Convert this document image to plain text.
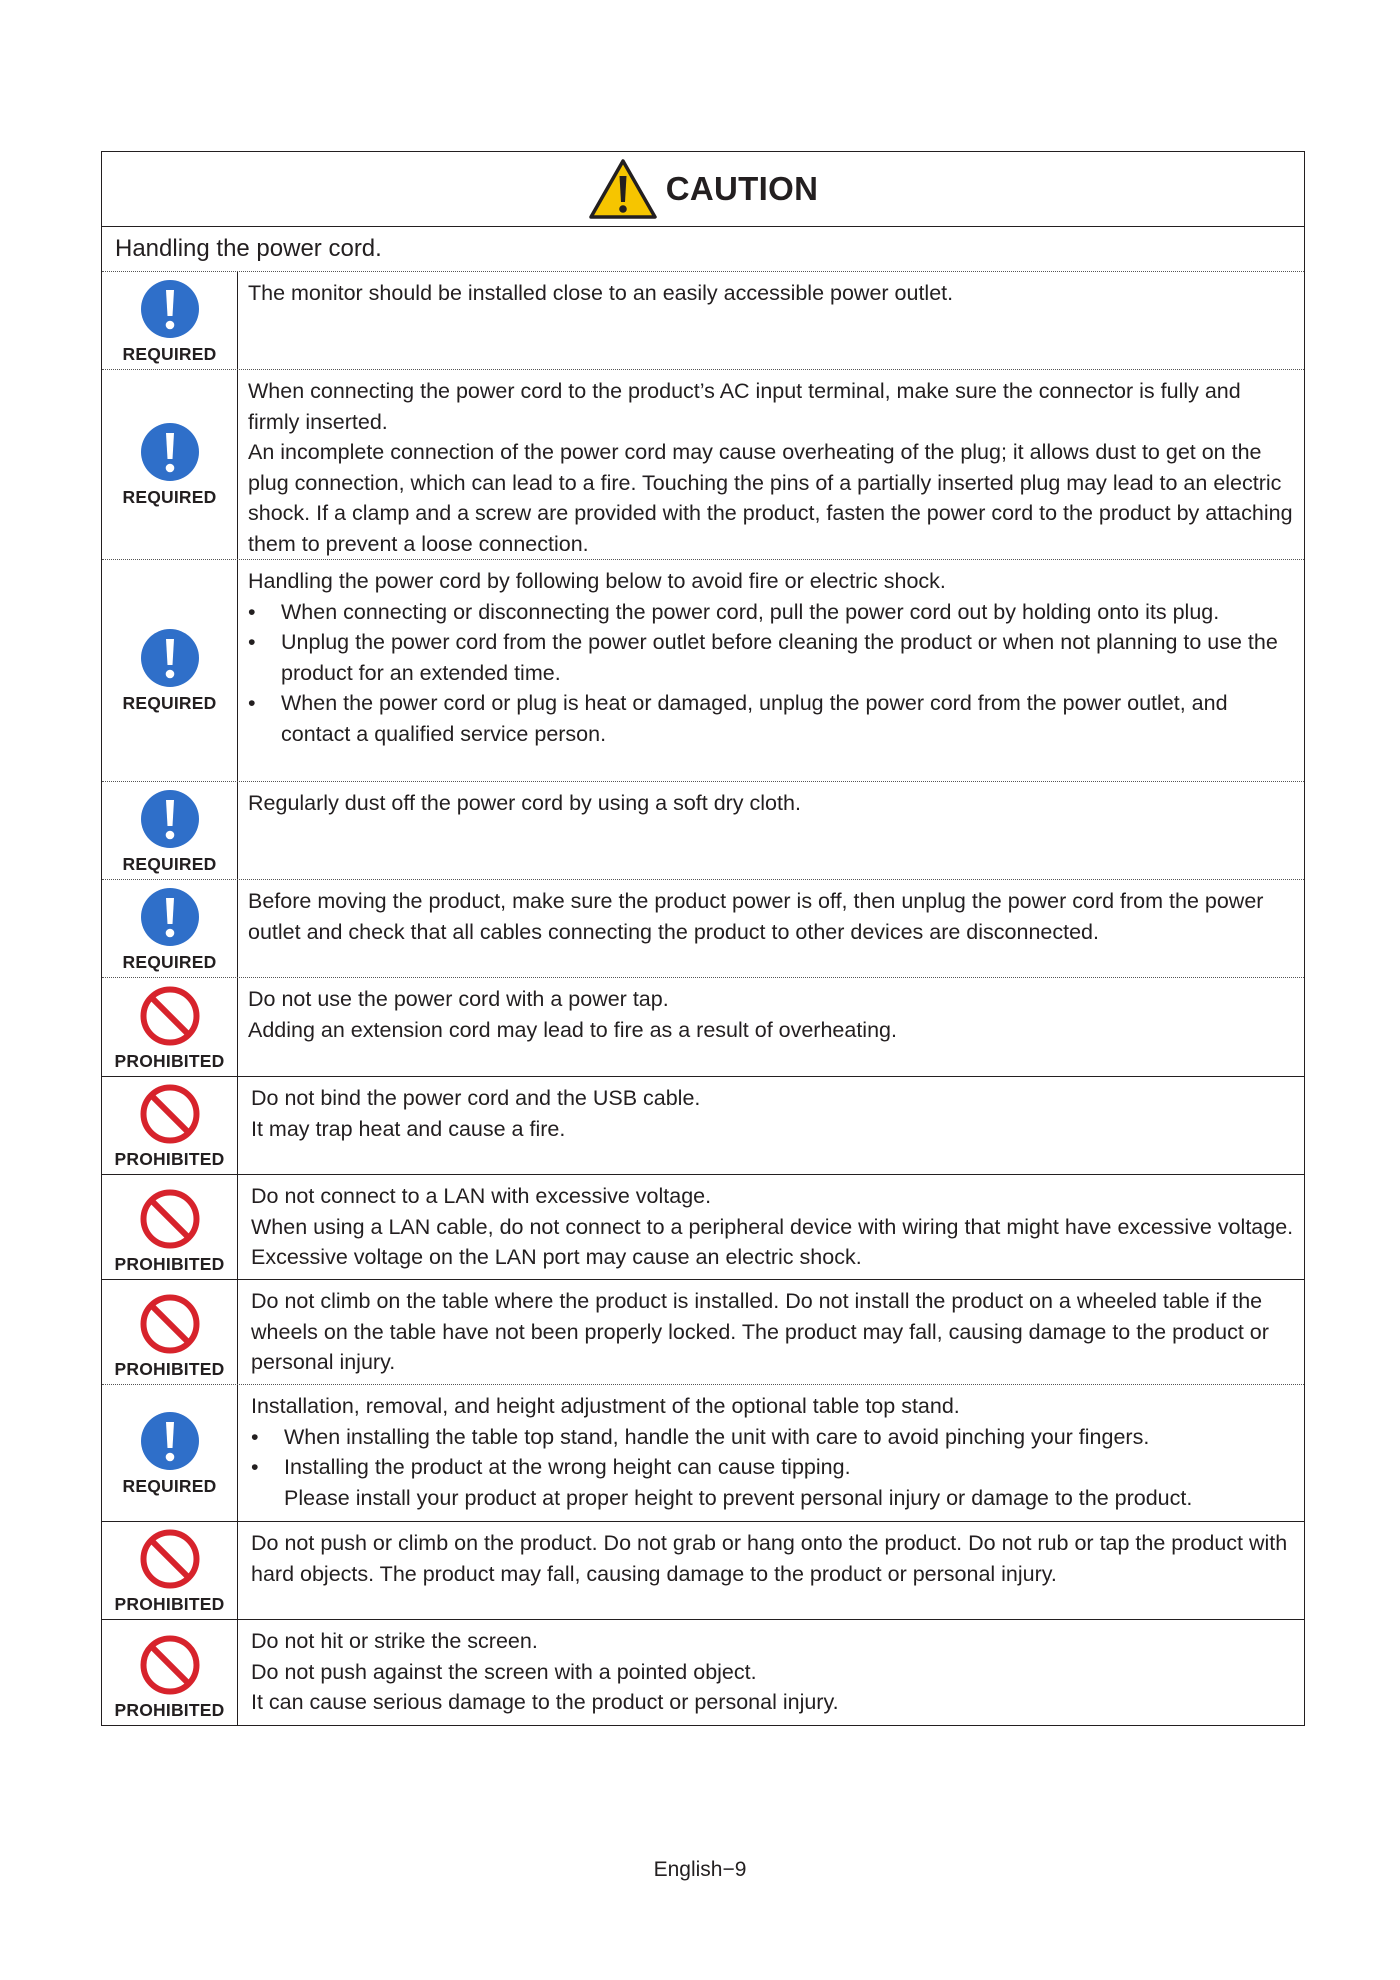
CAUTION
Handling the power cord.
REQUIRED

The monitor should be installed close to an easily accessible power outlet.

REQUIRED

When connecting the power cord to the product’s AC input terminal, make sure the connector is fully and firmly inserted.

An incomplete connection of the power cord may cause overheating of the plug; it allows dust to get on the plug connection, which can lead to a fire. Touching the pins of a partially inserted plug may lead to an electric shock. If a clamp and a screw are provided with the product, fasten the power cord to the product by attaching them to prevent a loose connection.

REQUIRED

Handling the power cord by following below to avoid fire or electric shock.

•	When connecting or disconnecting the power cord, pull the power cord out by holding onto its plug.
•	Unplug the power cord from the power outlet before cleaning the product or when not planning to use the product for an extended time.
•	When the power cord or plug is heat or damaged, unplug the power cord from the power outlet, and contact a qualified service person.
REQUIRED

Regularly dust off the power cord by using a soft dry cloth.

REQUIRED

Before moving the product, make sure the product power is off, then unplug the power cord from the power outlet and check that all cables connecting the product to other devices are disconnected.

PROHIBITED

Do not use the power cord with a power tap.

Adding an extension cord may lead to fire as a result of overheating.

PROHIBITED

Do not bind the power cord and the USB cable.

It may trap heat and cause a fire.

PROHIBITED

Do not connect to a LAN with excessive voltage.

When using a LAN cable, do not connect to a peripheral device with wiring that might have excessive voltage. Excessive voltage on the LAN port may cause an electric shock.

PROHIBITED

Do not climb on the table where the product is installed. Do not install the product on a wheeled table if the wheels on the table have not been properly locked. The product may fall, causing damage to the product or personal injury.

REQUIRED

Installation, removal, and height adjustment of the optional table top stand.

•	When installing the table top stand, handle the unit with care to avoid pinching your fingers.
•	Installing the product at the wrong height can cause tipping.
Please install your product at proper height to prevent personal injury or damage to the product.
PROHIBITED

Do not push or climb on the product. Do not grab or hang onto the product. Do not rub or tap the product with hard objects. The product may fall, causing damage to the product or personal injury.

PROHIBITED

Do not hit or strike the screen.

Do not push against the screen with a pointed object.

It can cause serious damage to the product or personal injury.

English−9
